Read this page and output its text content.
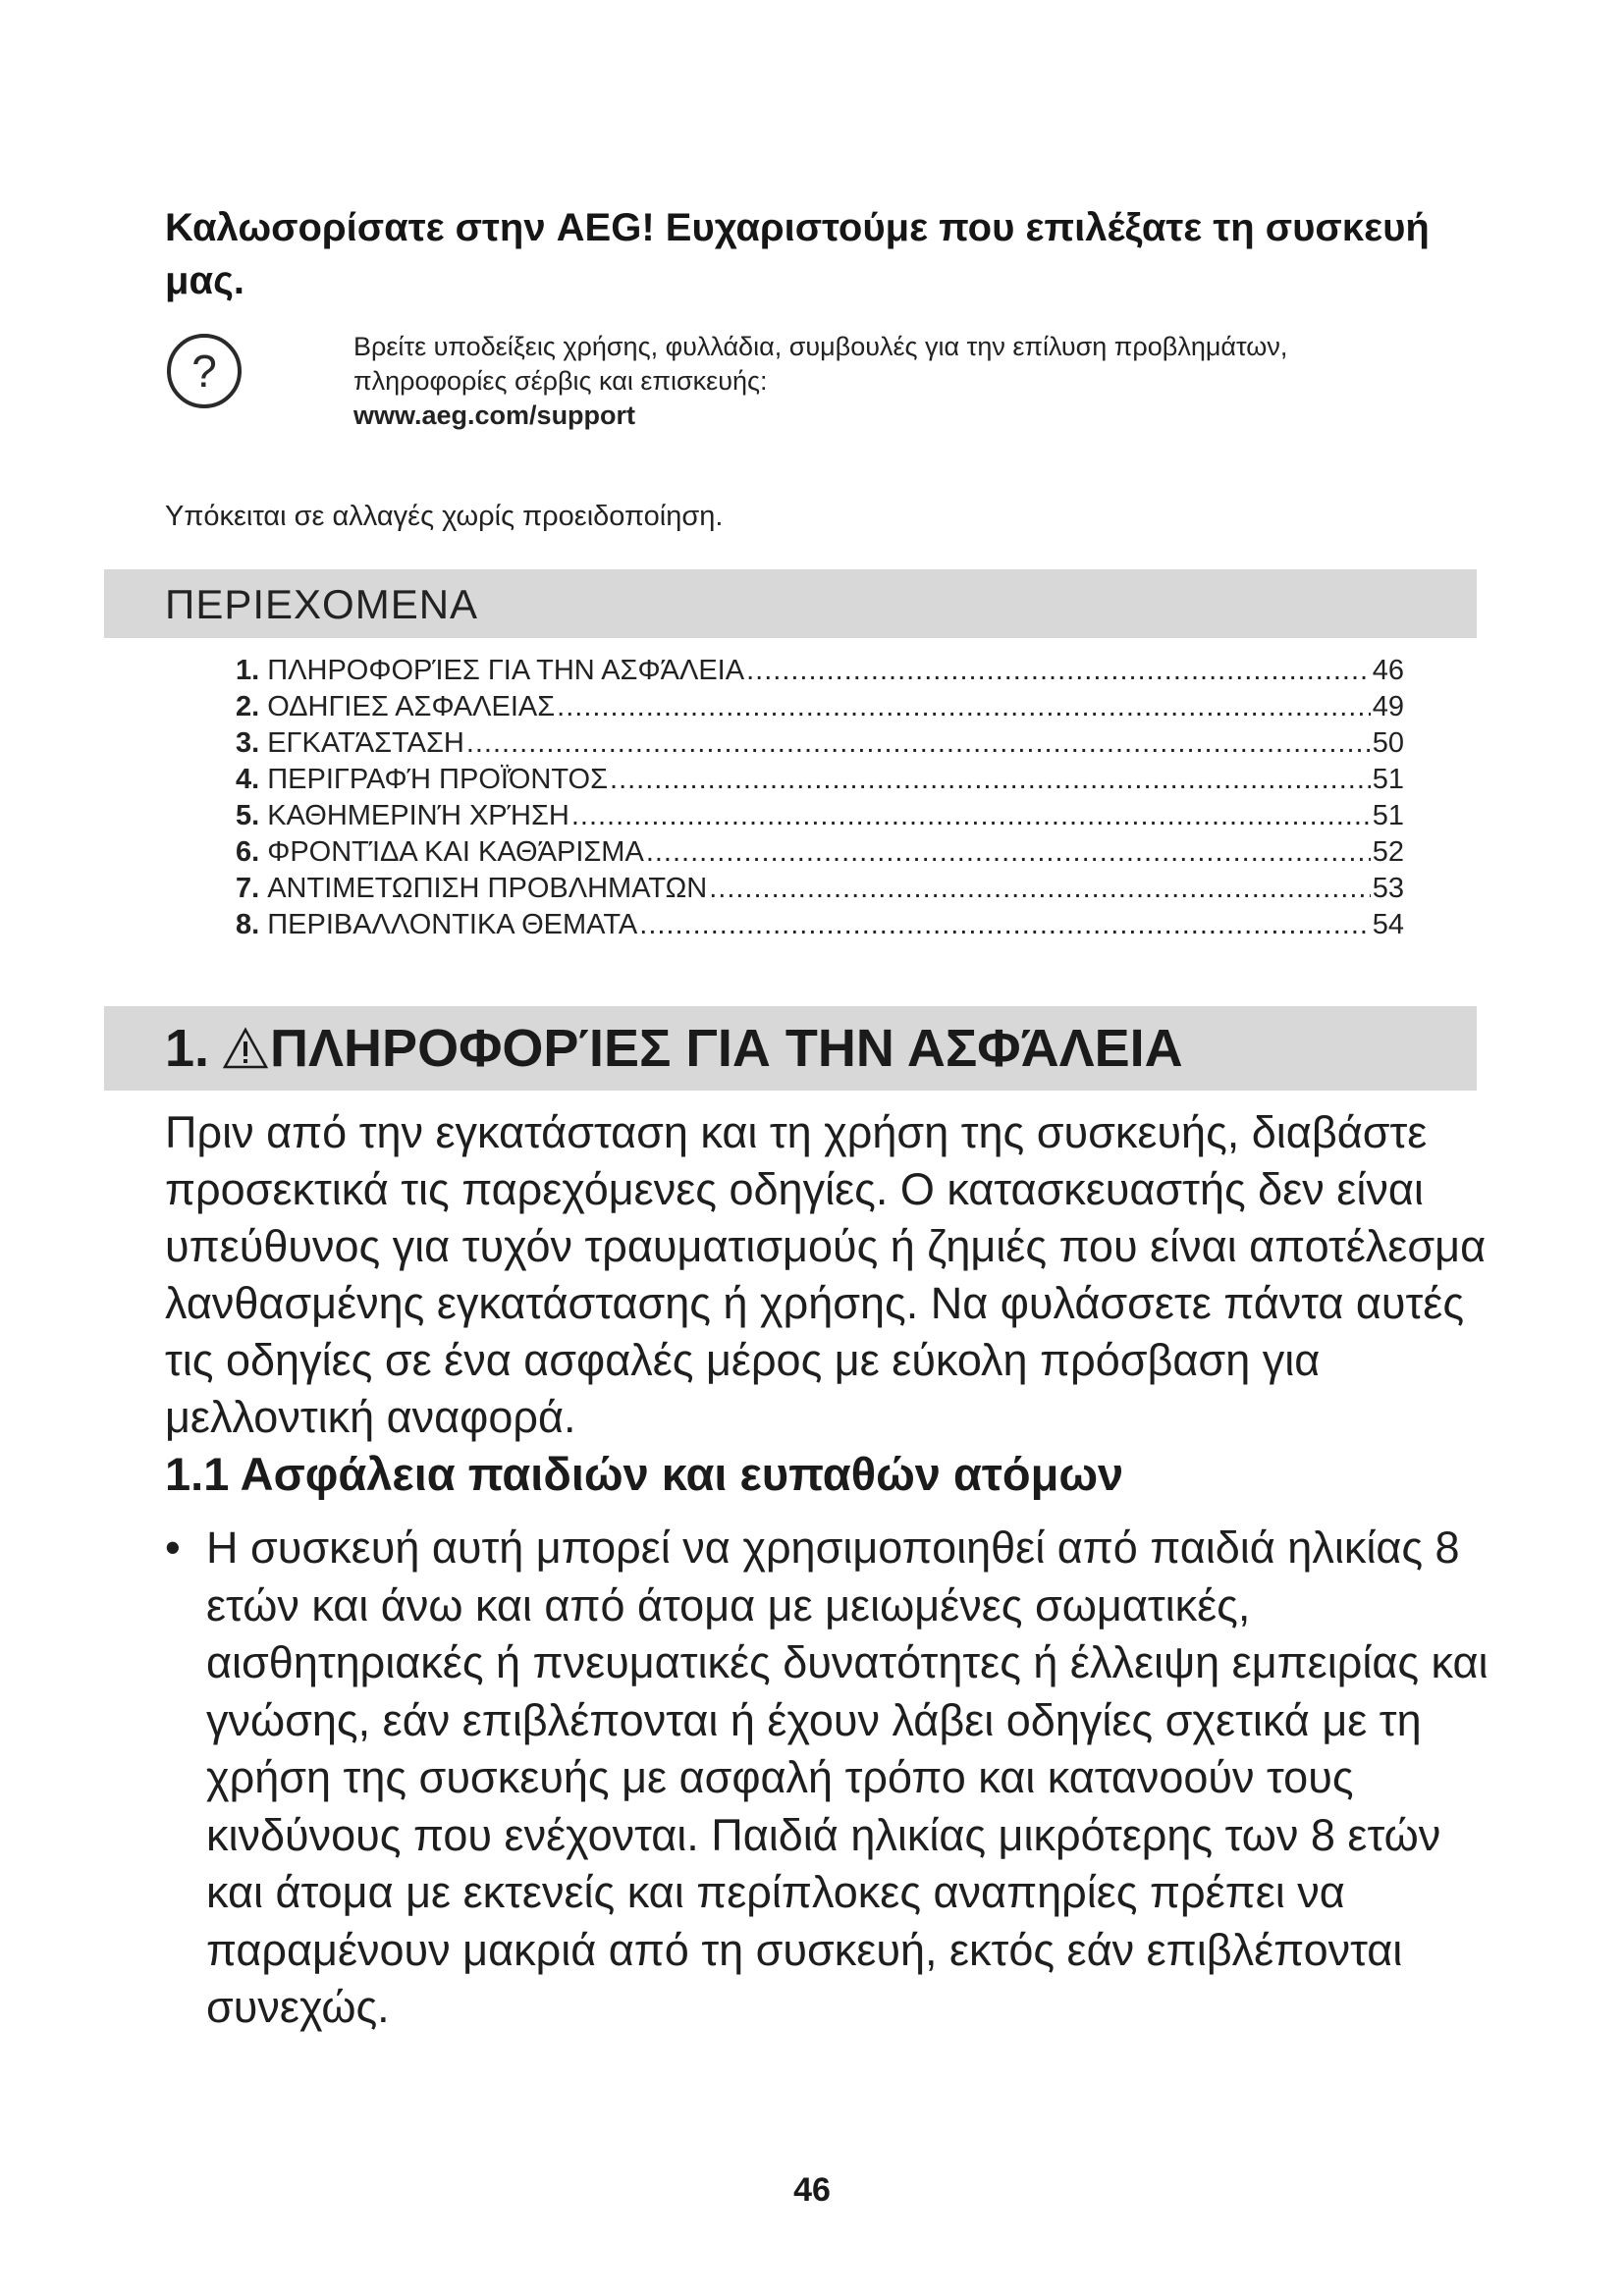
Καλωσορίσατε στην AEG! Ευχαριστούμε που επιλέξατε τη συσκευή μας.
?	Βρείτε υποδείξεις χρήσης, φυλλάδια, συμβουλές για την επίλυση προβλημάτων,
πληροφορίες σέρβις και επισκευής:
www.aeg.com/support
Υπόκειται σε αλλαγές χωρίς προειδοποίηση.
ΠΕΡΙΕΧΟΜΕΝΑ
1. ΠΛΗΡΟΦΟΡΊΕΣ ΓΙΑ ΤΗΝ ΑΣΦΆΛΕΙΑ .....	46
2. ΟΔΗΓΙΕΣ ΑΣΦΑΛΕΙΑΣ .....	49
3. ΕΓΚΑΤΆΣΤΑΣΗ .....	50
4. ΠΕΡΙΓΡΑΦΉ ΠΡΟΪΌΝΤΟΣ .....	51
5. ΚΑΘΗΜΕΡΙΝΉ ΧΡΉΣΗ .....	51
6. ΦΡΟΝΤΊΔΑ ΚΑΙ ΚΑΘΆΡΙΣΜΑ .....	52
7. ΑΝΤΙΜΕΤΩΠΙΣΗ ΠΡΟΒΛΗΜΑΤΩΝ .....	53
8. ΠΕΡΙΒΑΛΛΟΝΤΙΚΑ ΘΕΜΑΤΑ .....	54
1. ΠΛΗΡΟΦΟΡΊΕΣ ΓΙΑ ΤΗΝ ΑΣΦΆΛΕΙΑ
Πριν από την εγκατάσταση και τη χρήση της συσκευής, διαβάστε προσεκτικά τις παρεχόμενες οδηγίες. Ο κατασκευαστής δεν είναι υπεύθυνος για τυχόν τραυματισμούς ή ζημιές που είναι αποτέλεσμα λανθασμένης εγκατάστασης ή χρήσης. Να φυλάσσετε πάντα αυτές τις οδηγίες σε ένα ασφαλές μέρος με εύκολη πρόσβαση για μελλοντική αναφορά.
1.1 Ασφάλεια παιδιών και ευπαθών ατόμων
• Η συσκευή αυτή μπορεί να χρησιμοποιηθεί από παιδιά ηλικίας 8 ετών και άνω και από άτομα με μειωμένες σωματικές, αισθητηριακές ή πνευματικές δυνατότητες ή έλλειψη εμπειρίας και γνώσης, εάν επιβλέπονται ή έχουν λάβει οδηγίες σχετικά με τη χρήση της συσκευής με ασφαλή τρόπο και κατανοούν τους κινδύνους που ενέχονται. Παιδιά ηλικίας μικρότερης των 8 ετών και άτομα με εκτενείς και περίπλοκες αναπηρίες πρέπει να παραμένουν μακριά από τη συσκευή, εκτός εάν επιβλέπονται συνεχώς.
46
